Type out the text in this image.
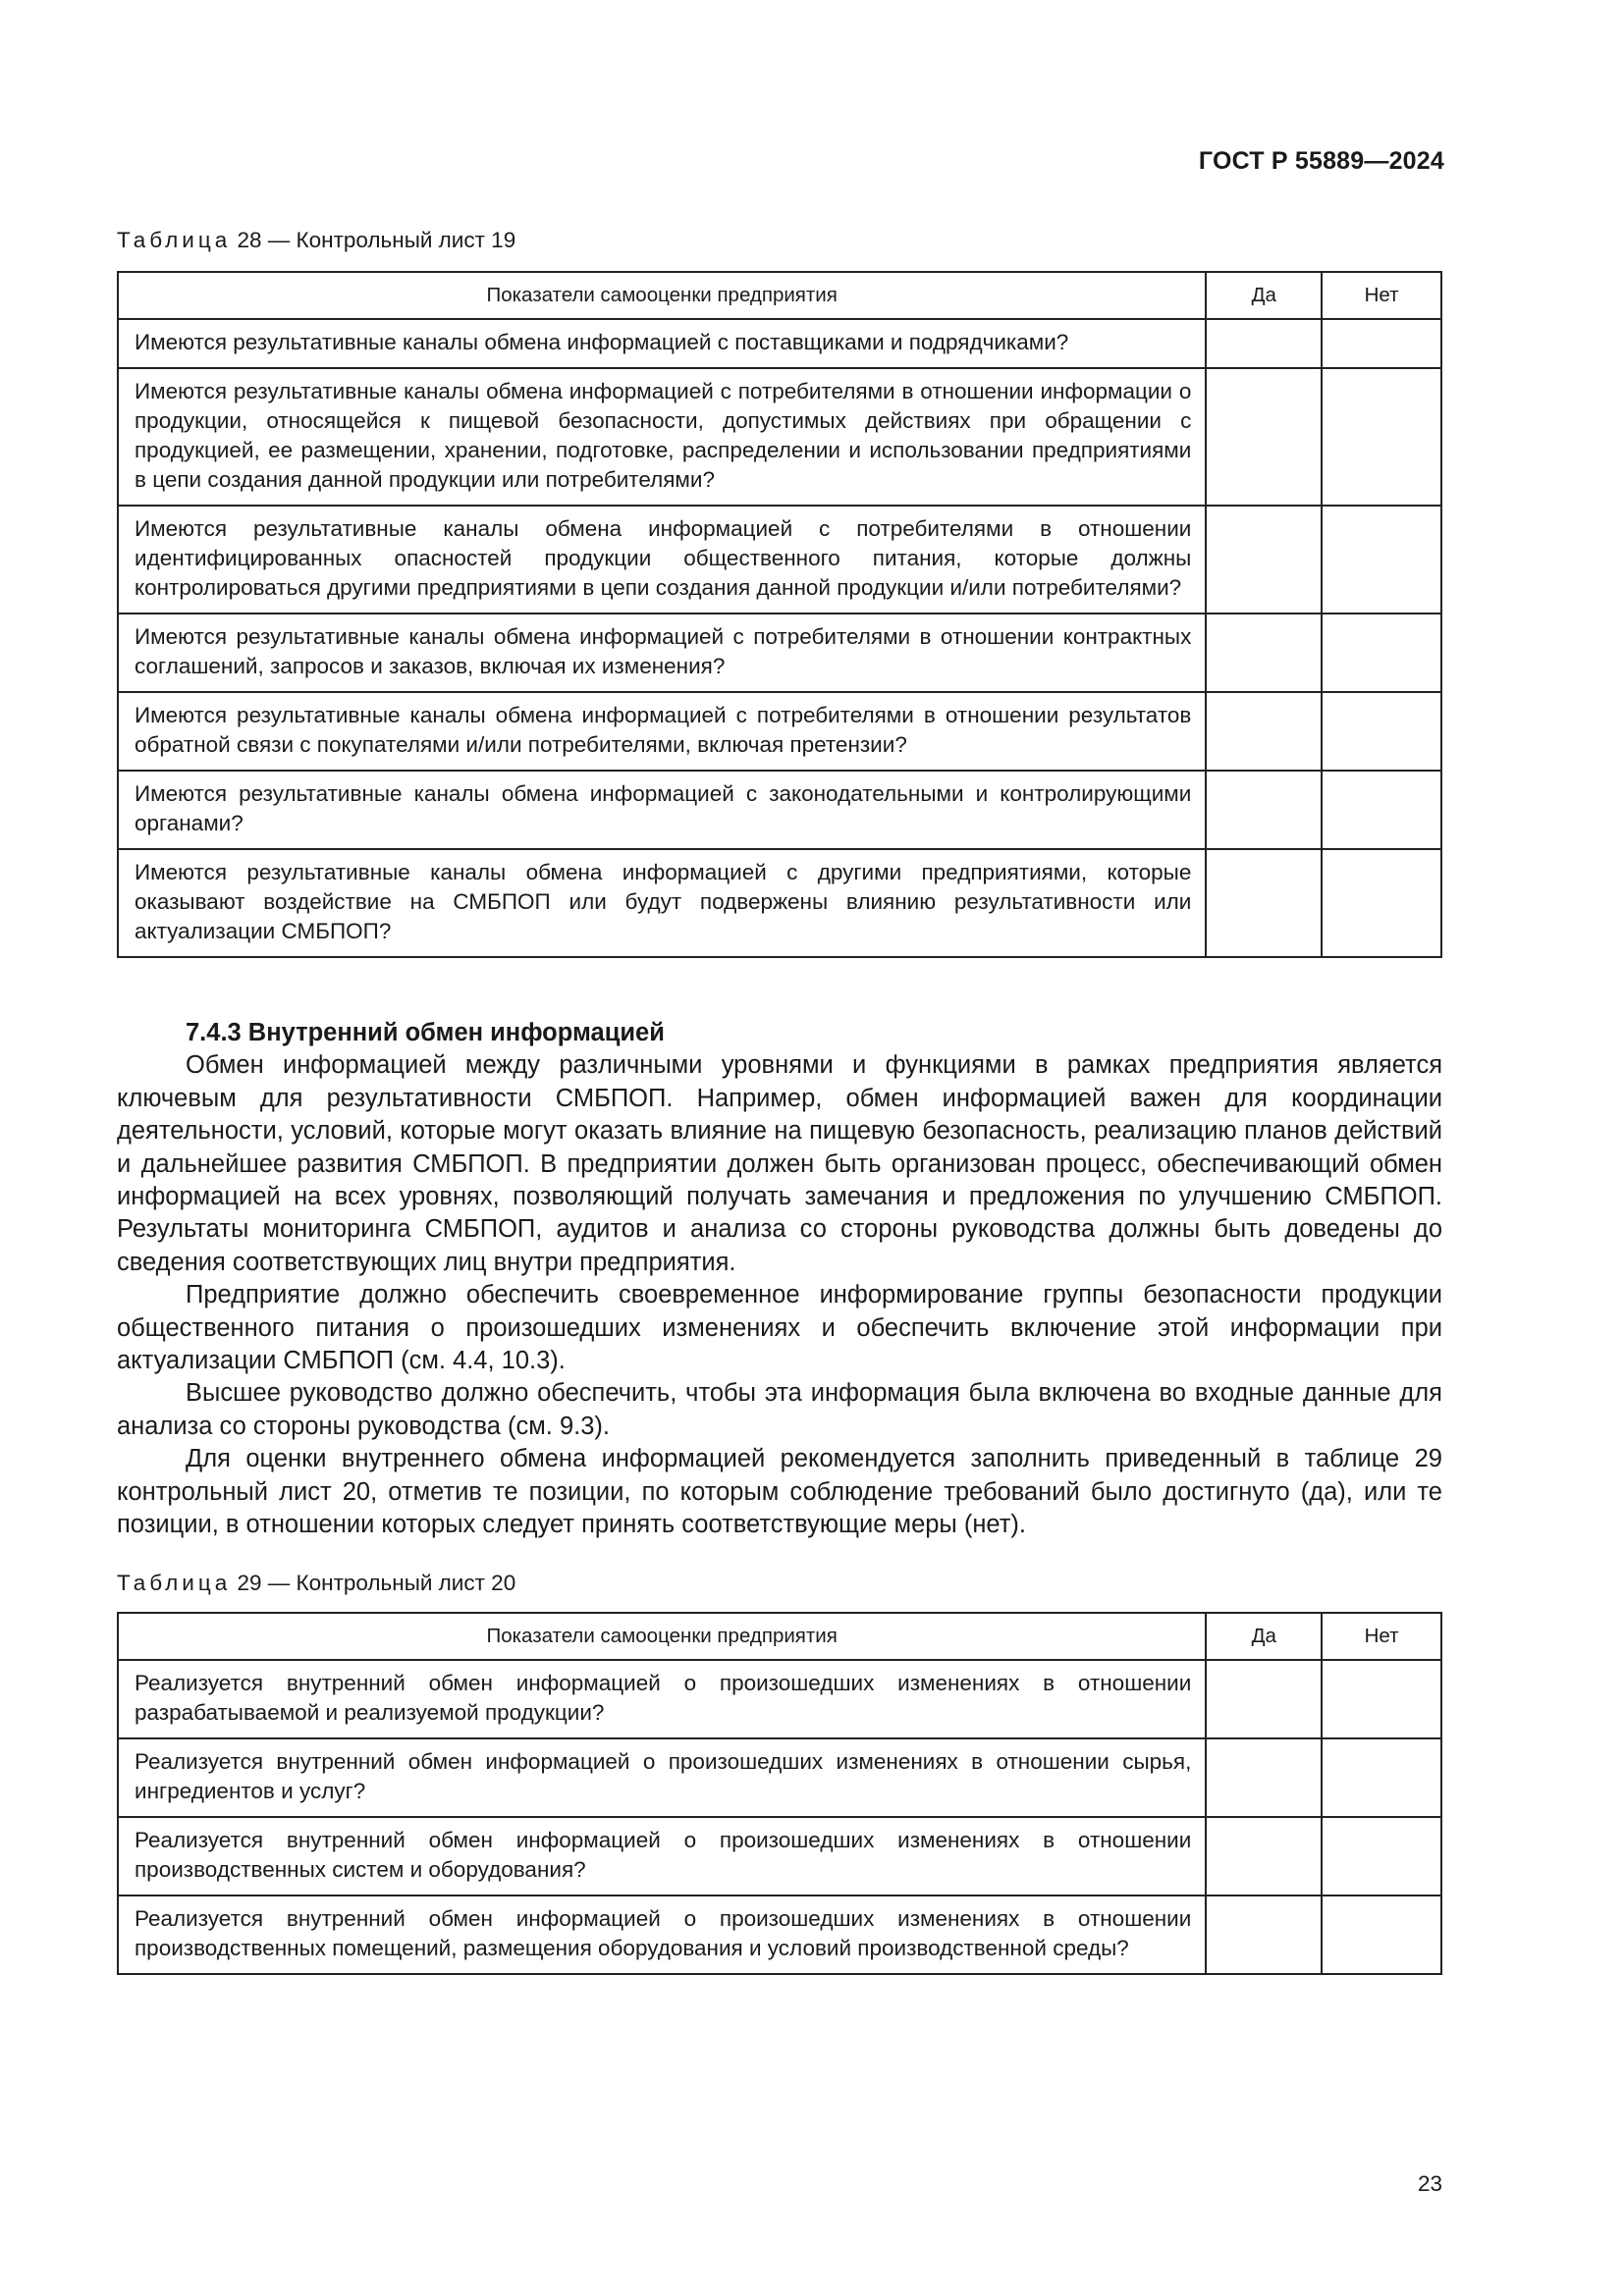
ГОСТ Р 55889—2024
Таблица 28 — Контрольный лист 19
Показатели самооценки предприятия	Да	Нет
Имеются результативные каналы обмена информацией с поставщиками и подрядчиками?		
Имеются результативные каналы обмена информацией с потребителями в отношении информации о продукции, относящейся к пищевой безопасности, допустимых действиях при обращении с продукцией, ее размещении, хранении, подготовке, распределении и использовании предприятиями в цепи создания данной продукции или потребителями?		
Имеются результативные каналы обмена информацией с потребителями в отношении идентифицированных опасностей продукции общественного питания, которые должны контролироваться другими предприятиями в цепи создания данной продукции и/или потребителями?		
Имеются результативные каналы обмена информацией с потребителями в отношении контрактных соглашений, запросов и заказов, включая их изменения?		
Имеются результативные каналы обмена информацией с потребителями в отношении результатов обратной связи с покупателями и/или потребителями, включая претензии?		
Имеются результативные каналы обмена информацией с законодательными и контролирующими органами?		
Имеются результативные каналы обмена информацией с другими предприятиями, которые оказывают воздействие на СМБПОП или будут подвержены влиянию результативности или актуализации СМБПОП?		
7.4.3 Внутренний обмен информацией

Обмен информацией между различными уровнями и функциями в рамках предприятия является ключевым для результативности СМБПОП. Например, обмен информацией важен для координации деятельности, условий, которые могут оказать влияние на пищевую безопасность, реализацию планов действий и дальнейшее развития СМБПОП. В предприятии должен быть организован процесс, обеспечивающий обмен информацией на всех уровнях, позволяющий получать замечания и предложения по улучшению СМБПОП. Результаты мониторинга СМБПОП, аудитов и анализа со стороны руководства должны быть доведены до сведения соответствующих лиц внутри предприятия.

Предприятие должно обеспечить своевременное информирование группы безопасности продукции общественного питания о произошедших изменениях и обеспечить включение этой информации при актуализации СМБПОП (см. 4.4, 10.3).

Высшее руководство должно обеспечить, чтобы эта информация была включена во входные данные для анализа со стороны руководства (см. 9.3).

Для оценки внутреннего обмена информацией рекомендуется заполнить приведенный в таблице 29 контрольный лист 20, отметив те позиции, по которым соблюдение требований было достигнуто (да), или те позиции, в отношении которых следует принять соответствующие меры (нет).

Таблица 29 — Контрольный лист 20
Показатели самооценки предприятия	Да	Нет
Реализуется внутренний обмен информацией о произошедших изменениях в отношении разрабатываемой и реализуемой продукции?		
Реализуется внутренний обмен информацией о произошедших изменениях в отношении сырья, ингредиентов и услуг?		
Реализуется внутренний обмен информацией о произошедших изменениях в отношении производственных систем и оборудования?		
Реализуется внутренний обмен информацией о произошедших изменениях в отношении производственных помещений, размещения оборудования и условий производственной среды?		
23
